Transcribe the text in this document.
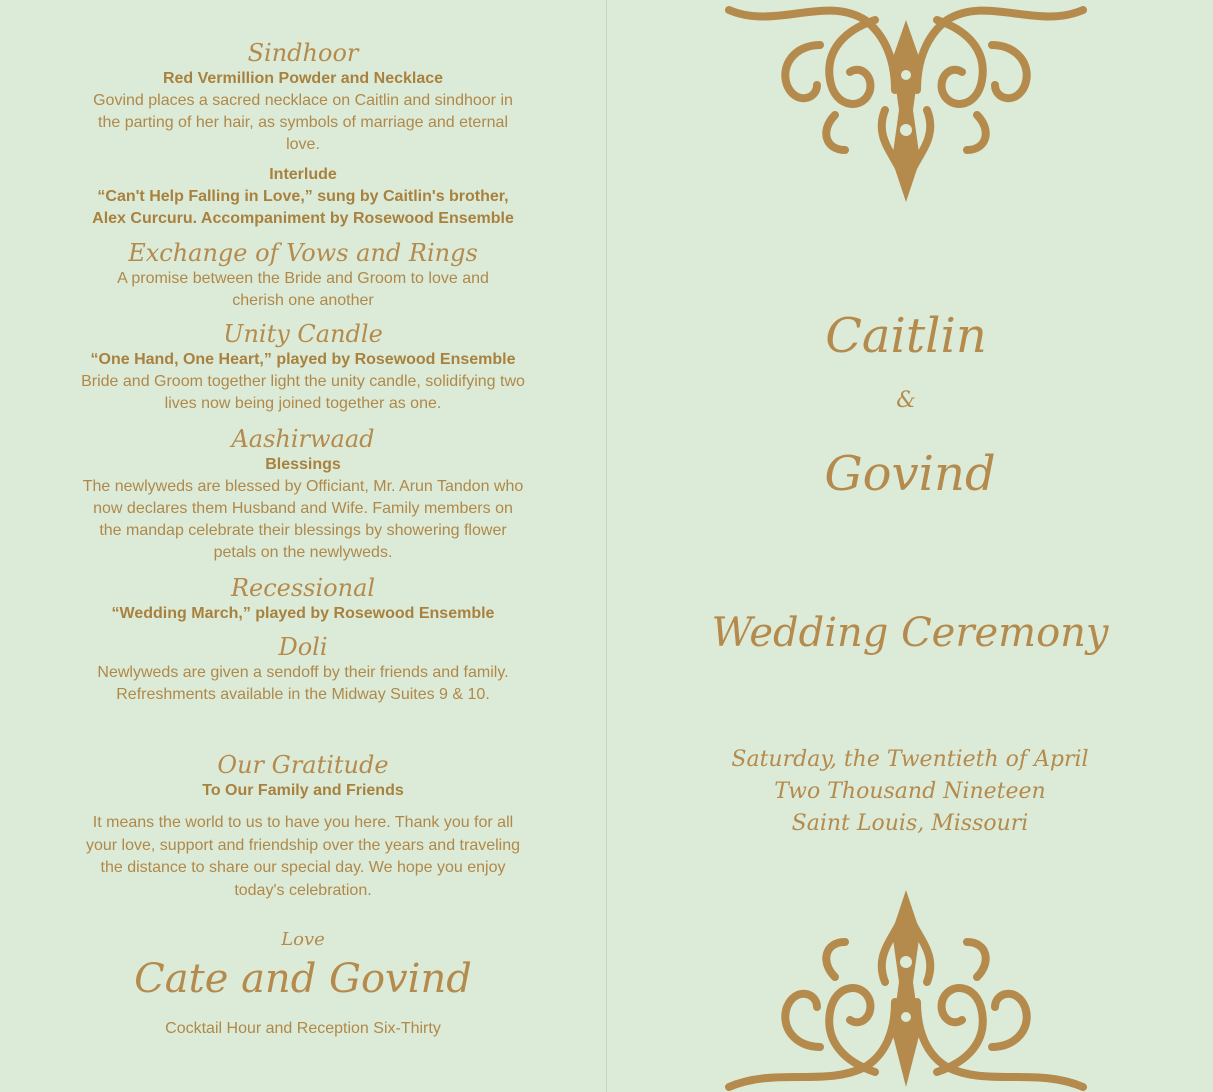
Sindhoor

Red Vermillion Powder and Necklace

Govind places a sacred necklace on Caitlin and sindhoor in the parting of her hair, as symbols of marriage and eternal love.

Interlude

“Can't Help Falling in Love,” sung by Caitlin's brother, Alex Curcuru. Accompaniment by Rosewood Ensemble

Exchange of Vows and Rings

A promise between the Bride and Groom to love and cherish one another

Unity Candle

“One Hand, One Heart,” played by Rosewood Ensemble

Bride and Groom together light the unity candle, solidifying two lives now being joined together as one.

Aashirwaad

Blessings

The newlyweds are blessed by Officiant, Mr. Arun Tandon who now declares them Husband and Wife. Family members on the mandap celebrate their blessings by showering flower petals on the newlyweds.

Recessional

“Wedding March,” played by Rosewood Ensemble

Doli

Newlyweds are given a sendoff by their friends and family. Refreshments available in the Midway Suites 9 & 10.

Our Gratitude

To Our Family and Friends

It means the world to us to have you here. Thank you for all your love, support and friendship over the years and traveling the distance to share our special day. We hope you enjoy today's celebration.

Love

Cate and Govind

Cocktail Hour and Reception Six-Thirty

Caitlin

&

Govind

Wedding Ceremony

Saturday, the Twentieth of April

Two Thousand Nineteen

Saint Louis, Missouri
